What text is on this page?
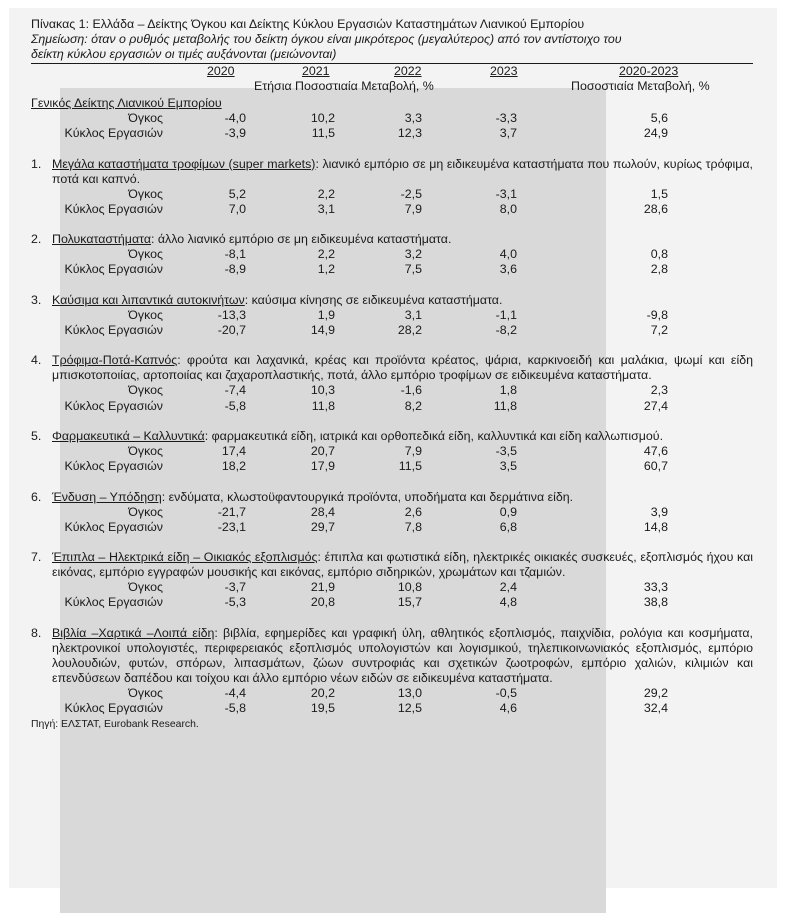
Πίνακας 1: Ελλάδα – Δείκτης Όγκου και Δείκτης Κύκλου Εργασιών Καταστημάτων Λιανικού Εμπορίου
Σημείωση: όταν ο ρυθμός μεταβολής του δείκτη όγκου είναι μικρότερος (μεγαλύτερος) από τον αντίστοιχο του
δείκτη κύκλου εργασιών οι τιμές αυξάνονται (μειώνονται)
2020	2021	2022	2023	2020-2023
Ετήσια Ποσοστιαία Μεταβολή, %	Ποσοστιαία Μεταβολή, %
Γενικός Δείκτης Λιανικού Εμπορίου
Όγκος	-4,0	10,2	3,3	-3,3	5,6
Κύκλος Εργασιών	-3,9	11,5	12,3	3,7	24,9
1. Μεγάλα καταστήματα τροφίμων (super markets): λιανικό εμπόριο σε μη ειδικευμένα καταστήματα που πωλούν, κυρίως τρόφιμα, ποτά και καπνό.
Όγκος	5,2	2,2	-2,5	-3,1	1,5
Κύκλος Εργασιών	7,0	3,1	7,9	8,0	28,6
2. Πολυκαταστήματα: άλλο λιανικό εμπόριο σε μη ειδικευμένα καταστήματα.
Όγκος	-8,1	2,2	3,2	4,0	0,8
Κύκλος Εργασιών	-8,9	1,2	7,5	3,6	2,8
3. Καύσιμα και λιπαντικά αυτοκινήτων: καύσιμα κίνησης σε ειδικευμένα καταστήματα.
Όγκος	-13,3	1,9	3,1	-1,1	-9,8
Κύκλος Εργασιών	-20,7	14,9	28,2	-8,2	7,2
4. Τρόφιμα-Ποτά-Καπνός: φρούτα και λαχανικά, κρέας και προϊόντα κρέατος, ψάρια, καρκινοειδή και μαλάκια, ψωμί και είδη μπισκοτοποιίας, αρτοποιίας και ζαχαροπλαστικής, ποτά, άλλο εμπόριο τροφίμων σε ειδικευμένα καταστήματα.
Όγκος	-7,4	10,3	-1,6	1,8	2,3
Κύκλος Εργασιών	-5,8	11,8	8,2	11,8	27,4
5. Φαρμακευτικά – Καλλυντικά: φαρμακευτικά είδη, ιατρικά και ορθοπεδικά είδη, καλλυντικά και είδη καλλωπισμού.
Όγκος	17,4	20,7	7,9	-3,5	47,6
Κύκλος Εργασιών	18,2	17,9	11,5	3,5	60,7
6. Ένδυση – Υπόδηση: ενδύματα, κλωστοϋφαντουργικά προϊόντα, υποδήματα και δερμάτινα είδη.
Όγκος	-21,7	28,4	2,6	0,9	3,9
Κύκλος Εργασιών	-23,1	29,7	7,8	6,8	14,8
7. Έπιπλα – Ηλεκτρικά είδη – Οικιακός εξοπλισμός: έπιπλα και φωτιστικά είδη, ηλεκτρικές οικιακές συσκευές, εξοπλισμός ήχου και εικόνας, εμπόριο εγγραφών μουσικής και εικόνας, εμπόριο σιδηρικών, χρωμάτων και τζαμιών.
Όγκος	-3,7	21,9	10,8	2,4	33,3
Κύκλος Εργασιών	-5,3	20,8	15,7	4,8	38,8
8. Βιβλία –Χαρτικά –Λοιπά είδη: βιβλία, εφημερίδες και γραφική ύλη, αθλητικός εξοπλισμός, παιχνίδια, ρολόγια και κοσμήματα, ηλεκτρονικοί υπολογιστές, περιφερειακός εξοπλισμός υπολογιστών και λογισμικού, τηλεπικοινωνιακός εξοπλισμός, εμπόριο λουλουδιών, φυτών, σπόρων, λιπασμάτων, ζώων συντροφιάς και σχετικών ζωοτροφών, εμπόριο χαλιών, κιλιμιών και επενδύσεων δαπέδου και τοίχου και άλλο εμπόριο νέων ειδών σε ειδικευμένα καταστήματα.
Όγκος	-4,4	20,2	13,0	-0,5	29,2
Κύκλος Εργασιών	-5,8	19,5	12,5	4,6	32,4
Πηγή: ΕΛΣΤΑΤ, Eurobank Research.
